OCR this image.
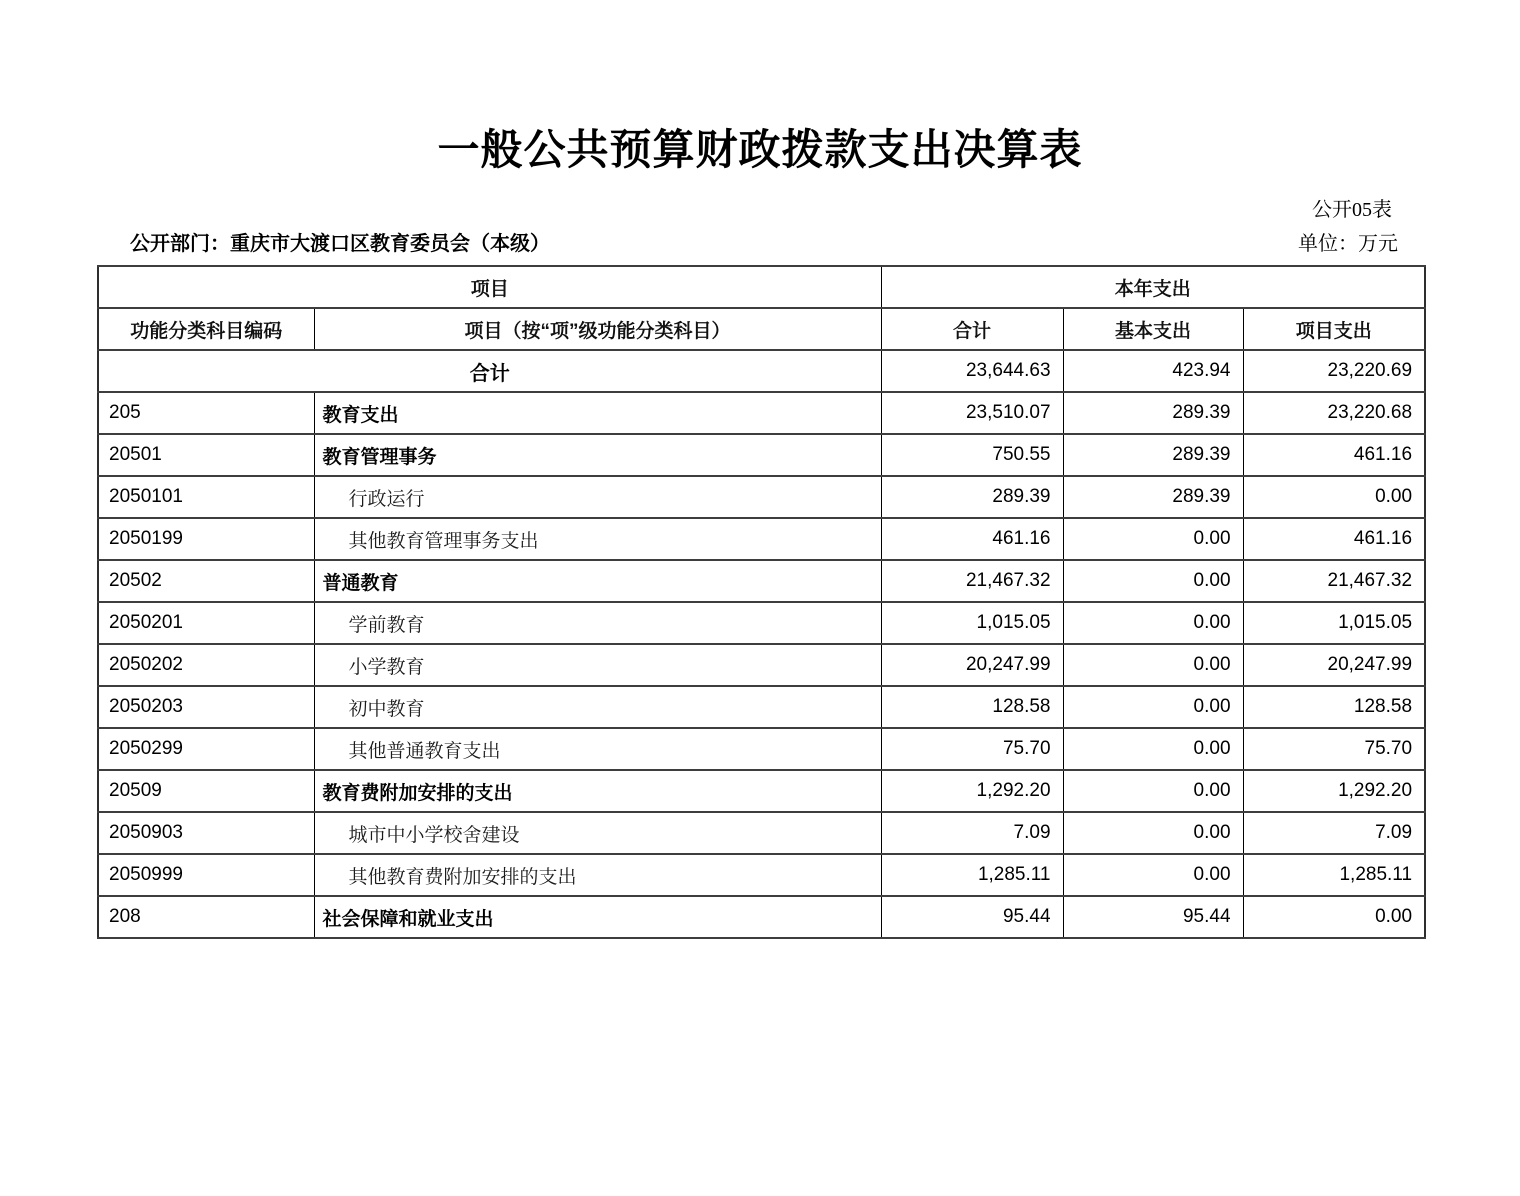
一般公共预算财政拨款支出决算表
公开05表
公开部门：重庆市大渡口区教育委员会（本级）	单位：万元
项目		本年支出		
功能分类科目编码	项目（按“项”级功能分类科目）	合计	基本支出	项目支出
合计		23,644.63	423.94	23,220.69
205	教育支出	23,510.07	289.39	23,220.68
20501	教育管理事务	750.55	289.39	461.16
2050101	行政运行	289.39	289.39	0.00
2050199	其他教育管理事务支出	461.16	0.00	461.16
20502	普通教育	21,467.32	0.00	21,467.32
2050201	学前教育	1,015.05	0.00	1,015.05
2050202	小学教育	20,247.99	0.00	20,247.99
2050203	初中教育	128.58	0.00	128.58
2050299	其他普通教育支出	75.70	0.00	75.70
20509	教育费附加安排的支出	1,292.20	0.00	1,292.20
2050903	城市中小学校舍建设	7.09	0.00	7.09
2050999	其他教育费附加安排的支出	1,285.11	0.00	1,285.11
208	社会保障和就业支出	95.44	95.44	0.00
